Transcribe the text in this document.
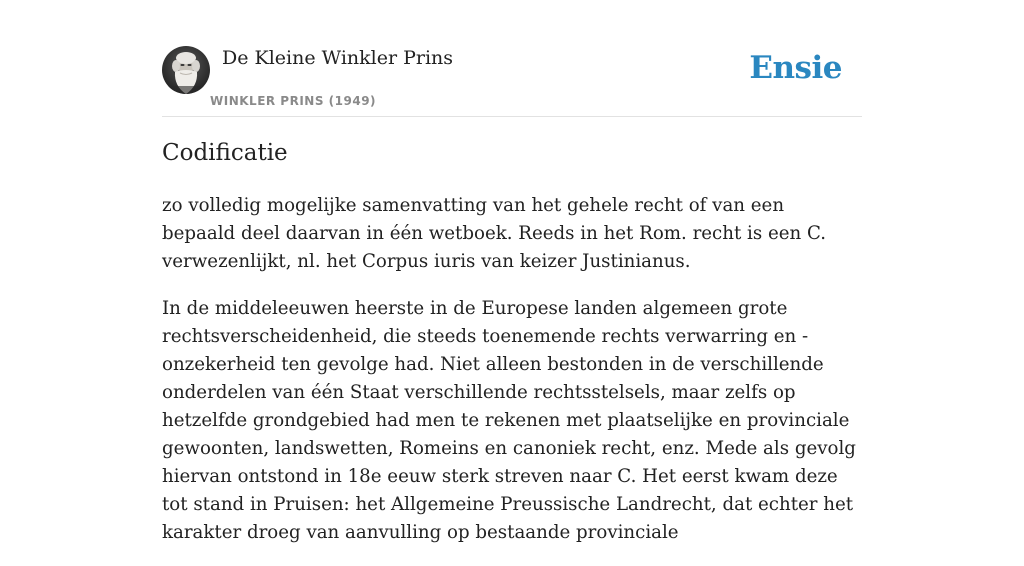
De Kleine Winkler Prins
WINKLER PRINS (1949)
Ensie
Codificatie

zo volledig mogelijke samenvatting van het gehele recht of van een bepaald deel daarvan in één wetboek. Reeds in het Rom. recht is een C. verwezenlijkt, nl. het Corpus iuris van keizer Justinianus.

In de middeleeuwen heerste in de Europese landen algemeen grote rechtsverscheidenheid, die steeds toenemende rechts verwarring en -onzekerheid ten gevolge had. Niet alleen bestonden in de verschillende onderdelen van één Staat verschillende rechtsstelsels, maar zelfs op hetzelfde grondgebied had men te rekenen met plaatselijke en provinciale gewoonten, landswetten, Romeins en canoniek recht, enz. Mede als gevolg hiervan ontstond in 18e eeuw sterk streven naar C. Het eerst kwam deze tot stand in Pruisen: het Allgemeine Preussische Landrecht, dat echter het karakter droeg van aanvulling op bestaande provinciale
